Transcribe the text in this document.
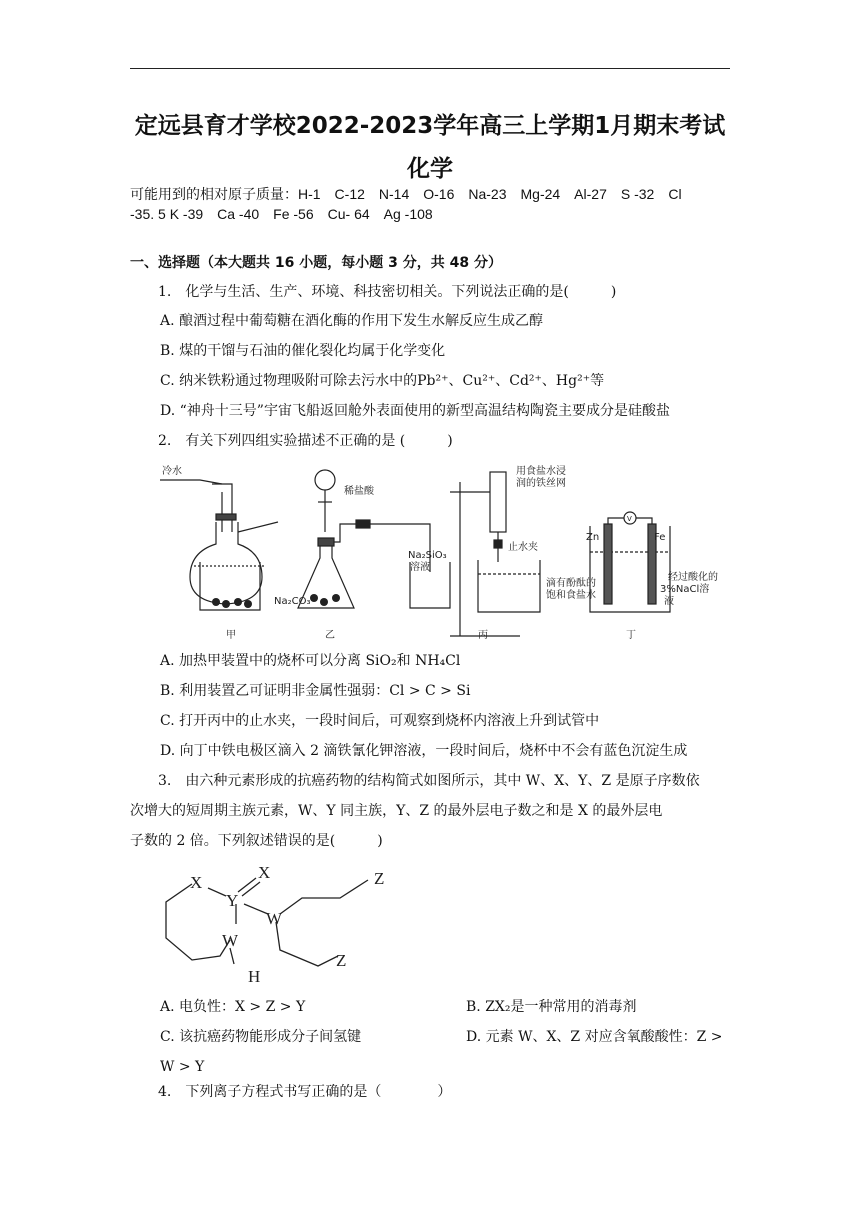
定远县育才学校2022-2023学年高三上学期1月期末考试
化学
可能用到的相对原子质量：H-1　C-12　N-14　O-16　Na-23　Mg-24　Al-27　S -32　Cl
-35. 5 K -39　Ca -40　Fe -56　Cu- 64　Ag -108
一、选择题（本大题共 16 小题，每小题 3 分，共 48 分）
1.　化学与生活、生产、环境、科技密切相关。下列说法正确的是(　　　)
A. 酿酒过程中葡萄糖在酒化酶的作用下发生水解反应生成乙醇
B. 煤的干馏与石油的催化裂化均属于化学变化
C. 纳米铁粉通过物理吸附可除去污水中的Pb²⁺、Cu²⁺、Cd²⁺、Hg²⁺等
D. “神舟十三号”宇宙飞船返回舱外表面使用的新型高温结构陶瓷主要成分是硅酸盐
2.　有关下列四组实验描述不正确的是 (　　　)
冷水
稀盐酸
Na₂CO₃
Na₂SiO₃
溶液
用食盐水浸
润的铁丝网
止水夹
滴有酚酞的
饱和食盐水
Zn	Fe
V
经过酸化的
3%NaCl溶
液
甲	乙	丙	丁
A. 加热甲装置中的烧杯可以分离 SiO₂和 NH₄Cl
B. 利用装置乙可证明非金属性强弱：Cl > C > Si
C. 打开丙中的止水夹，一段时间后，可观察到烧杯内溶液上升到试管中
D. 向丁中铁电极区滴入 2 滴铁氰化钾溶液，一段时间后，烧杯中不会有蓝色沉淀生成
3.　由六种元素形成的抗癌药物的结构简式如图所示，其中 W、X、Y、Z 是原子序数依
次增大的短周期主族元素，W、Y 同主族，Y、Z 的最外层电子数之和是 X 的最外层电
子数的 2 倍。下列叙述错误的是(　　　)
X
X
Y
W
W
H
Z
Z
A. 电负性：X > Z > Y	B. ZX₂是一种常用的消毒剂
C. 该抗癌药物能形成分子间氢键	D. 元素 W、X、Z 对应含氧酸酸性：Z >
W > Y
4.　下列离子方程式书写正确的是（　　　　）
